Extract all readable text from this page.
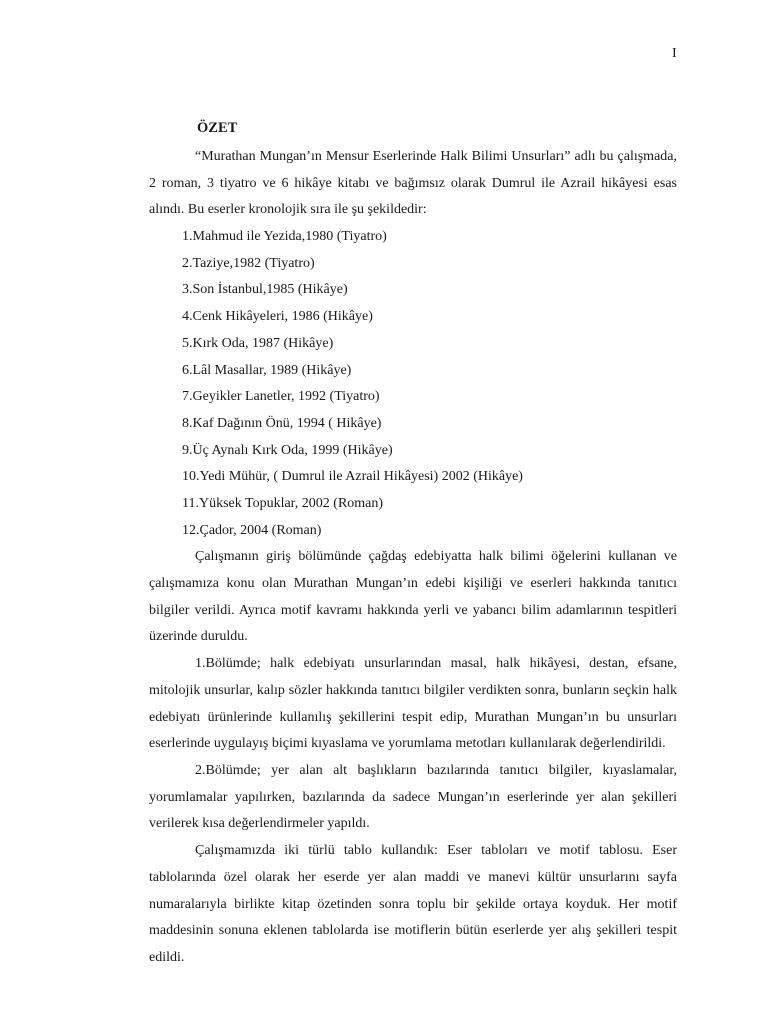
I
ÖZET

“Murathan Mungan’ın Mensur Eserlerinde Halk Bilimi Unsurları” adlı bu çalışmada, 2 roman, 3 tiyatro ve 6 hikâye kitabı ve bağımsız olarak Dumrul ile Azrail hikâyesi esas alındı. Bu eserler kronolojik sıra ile şu şekildedir:

1.Mahmud ile Yezida,1980 (Tiyatro)
2.Taziye,1982 (Tiyatro)
3.Son İstanbul,1985 (Hikâye)
4.Cenk Hikâyeleri, 1986 (Hikâye)
5.Kırk Oda, 1987 (Hikâye)
6.Lâl Masallar, 1989 (Hikâye)
7.Geyikler Lanetler, 1992 (Tiyatro)
8.Kaf Dağının Önü, 1994 ( Hikâye)
9.Üç Aynalı Kırk Oda, 1999 (Hikâye)
10.Yedi Mühür, ( Dumrul ile Azrail Hikâyesi) 2002 (Hikâye)
11.Yüksek Topuklar, 2002 (Roman)
12.Çador, 2004 (Roman)

Çalışmanın giriş bölümünde çağdaş edebiyatta halk bilimi öğelerini kullanan ve çalışmamıza konu olan Murathan Mungan’ın edebi kişiliği ve eserleri hakkında tanıtıcı bilgiler verildi. Ayrıca motif kavramı hakkında yerli ve yabancı bilim adamlarının tespitleri üzerinde duruldu.

1.Bölümde; halk edebiyatı unsurlarından masal, halk hikâyesi, destan, efsane, mitolojik unsurlar, kalıp sözler hakkında tanıtıcı bilgiler verdikten sonra, bunların seçkin halk edebiyatı ürünlerinde kullanılış şekillerini tespit edip, Murathan Mungan’ın bu unsurları eserlerinde uygulayış biçimi kıyaslama ve yorumlama metotları kullanılarak değerlendirildi.

2.Bölümde; yer alan alt başlıkların bazılarında tanıtıcı bilgiler, kıyaslamalar, yorumlamalar yapılırken, bazılarında da sadece Mungan’ın eserlerinde yer alan şekilleri verilerek kısa değerlendirmeler yapıldı.

Çalışmamızda iki türlü tablo kullandık: Eser tabloları ve motif tablosu. Eser tablolarında özel olarak her eserde yer alan maddi ve manevi kültür unsurlarını sayfa numaralarıyla birlikte kitap özetinden sonra toplu bir şekilde ortaya koyduk. Her motif maddesinin sonuna eklenen tablolarda ise motiflerin bütün eserlerde yer alış şekilleri tespit edildi.
